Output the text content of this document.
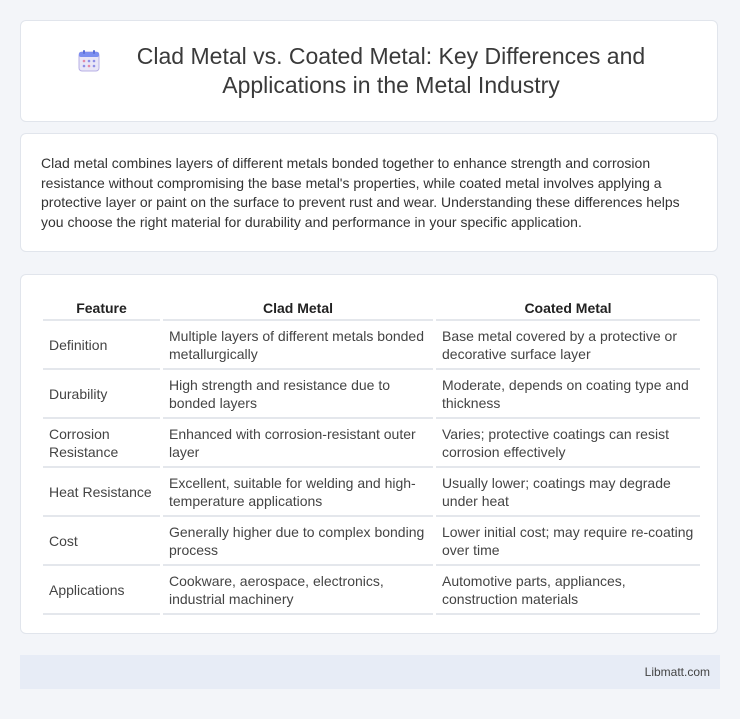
Clad Metal vs. Coated Metal: Key Differences and Applications in the Metal Industry

Clad metal combines layers of different metals bonded together to enhance strength and corrosion resistance without compromising the base metal's properties, while coated metal involves applying a protective layer or paint on the surface to prevent rust and wear. Understanding these differences helps you choose the right material for durability and performance in your specific application.

Feature	Clad Metal	Coated Metal
Definition	Multiple layers of different metals bonded metallurgically	Base metal covered by a protective or decorative surface layer
Durability	High strength and resistance due to bonded layers	Moderate, depends on coating type and thickness
Corrosion Resistance	Enhanced with corrosion-resistant outer layer	Varies; protective coatings can resist corrosion effectively
Heat Resistance	Excellent, suitable for welding and high-temperature applications	Usually lower; coatings may degrade under heat
Cost	Generally higher due to complex bonding process	Lower initial cost; may require re-coating over time
Applications	Cookware, aerospace, electronics, industrial machinery	Automotive parts, appliances, construction materials
Libmatt.com
